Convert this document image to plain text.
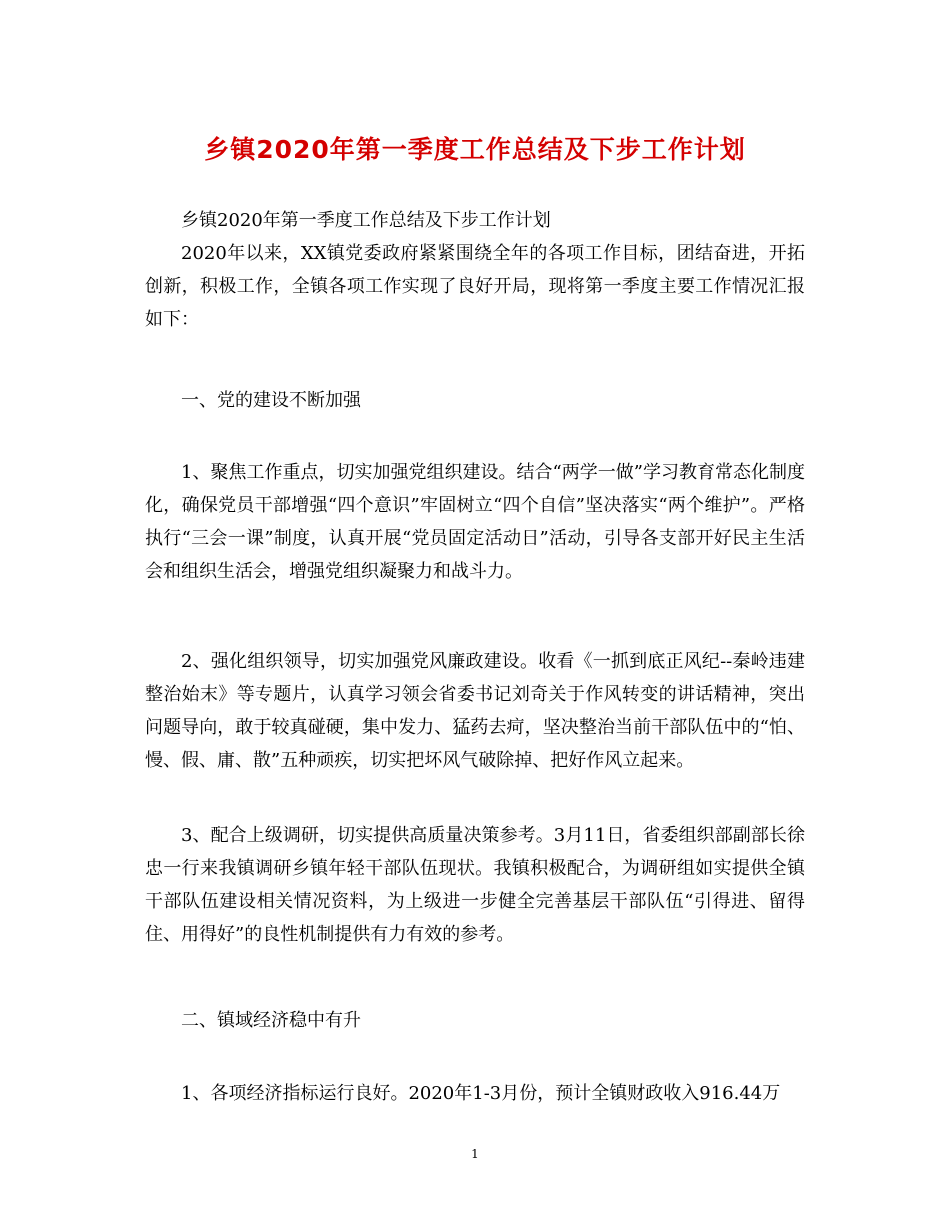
乡镇2020年第一季度工作总结及下步工作计划

乡镇2020年第一季度工作总结及下步工作计划

2020年以来，XX镇党委政府紧紧围绕全年的各项工作目标，团结奋进，开拓创新，积极工作，全镇各项工作实现了良好开局，现将第一季度主要工作情况汇报如下：

一、党的建设不断加强

1、聚焦工作重点，切实加强党组织建设。结合“两学一做”学习教育常态化制度化，确保党员干部增强“四个意识”牢固树立“四个自信”坚决落实“两个维护”。严格执行“三会一课”制度，认真开展“党员固定活动日”活动，引导各支部开好民主生活会和组织生活会，增强党组织凝聚力和战斗力。

2、强化组织领导，切实加强党风廉政建设。收看《一抓到底正风纪--秦岭违建整治始末》等专题片，认真学习领会省委书记刘奇关于作风转变的讲话精神，突出问题导向，敢于较真碰硬，集中发力、猛药去疴，坚决整治当前干部队伍中的“怕、慢、假、庸、散”五种顽疾，切实把坏风气破除掉、把好作风立起来。

3、配合上级调研，切实提供高质量决策参考。3月11日，省委组织部副部长徐忠一行来我镇调研乡镇年轻干部队伍现状。我镇积极配合，为调研组如实提供全镇干部队伍建设相关情况资料，为上级进一步健全完善基层干部队伍“引得进、留得住、用得好”的良性机制提供有力有效的参考。

二、镇域经济稳中有升

1、各项经济指标运行良好。2020年1-3月份，预计全镇财政收入916.44万

1
